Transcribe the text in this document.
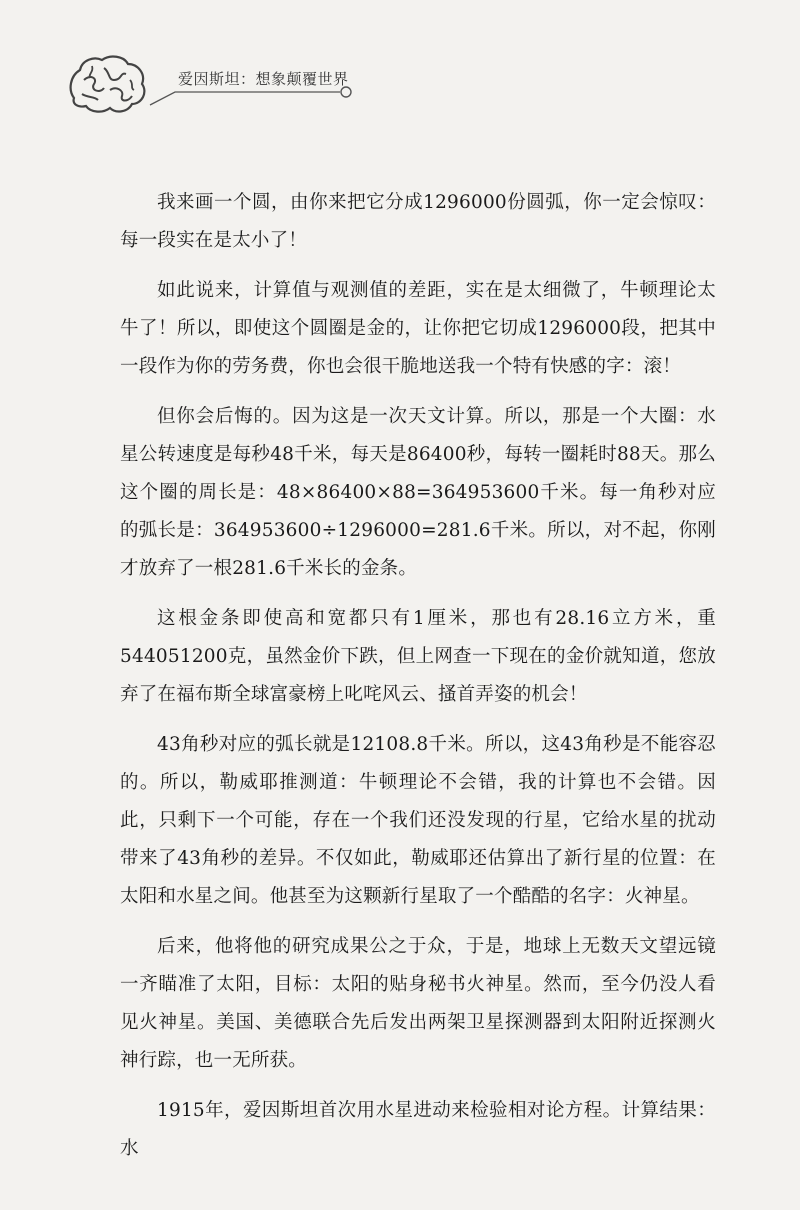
爱因斯坦：想象颠覆世界

我来画一个圆，由你来把它分成1296000份圆弧，你一定会惊叹：每一段实在是太小了！

如此说来，计算值与观测值的差距，实在是太细微了，牛顿理论太牛了！所以，即使这个圆圈是金的，让你把它切成1296000段，把其中一段作为你的劳务费，你也会很干脆地送我一个特有快感的字：滚！

但你会后悔的。因为这是一次天文计算。所以，那是一个大圈：水星公转速度是每秒48千米，每天是86400秒，每转一圈耗时88天。那么这个圈的周长是：48×86400×88=364953600千米。每一角秒对应的弧长是：364953600÷1296000=281.6千米。所以，对不起，你刚才放弃了一根281.6千米长的金条。

这根金条即使高和宽都只有1厘米，那也有28.16立方米，重544051200克，虽然金价下跌，但上网查一下现在的金价就知道，您放弃了在福布斯全球富豪榜上叱咤风云、搔首弄姿的机会！

43角秒对应的弧长就是12108.8千米。所以，这43角秒是不能容忍的。所以，勒威耶推测道：牛顿理论不会错，我的计算也不会错。因此，只剩下一个可能，存在一个我们还没发现的行星，它给水星的扰动带来了43角秒的差异。不仅如此，勒威耶还估算出了新行星的位置：在太阳和水星之间。他甚至为这颗新行星取了一个酷酷的名字：火神星。

后来，他将他的研究成果公之于众，于是，地球上无数天文望远镜一齐瞄准了太阳，目标：太阳的贴身秘书火神星。然而，至今仍没人看见火神星。美国、美德联合先后发出两架卫星探测器到太阳附近探测火神行踪，也一无所获。

1915年，爱因斯坦首次用水星进动来检验相对论方程。计算结果：水
